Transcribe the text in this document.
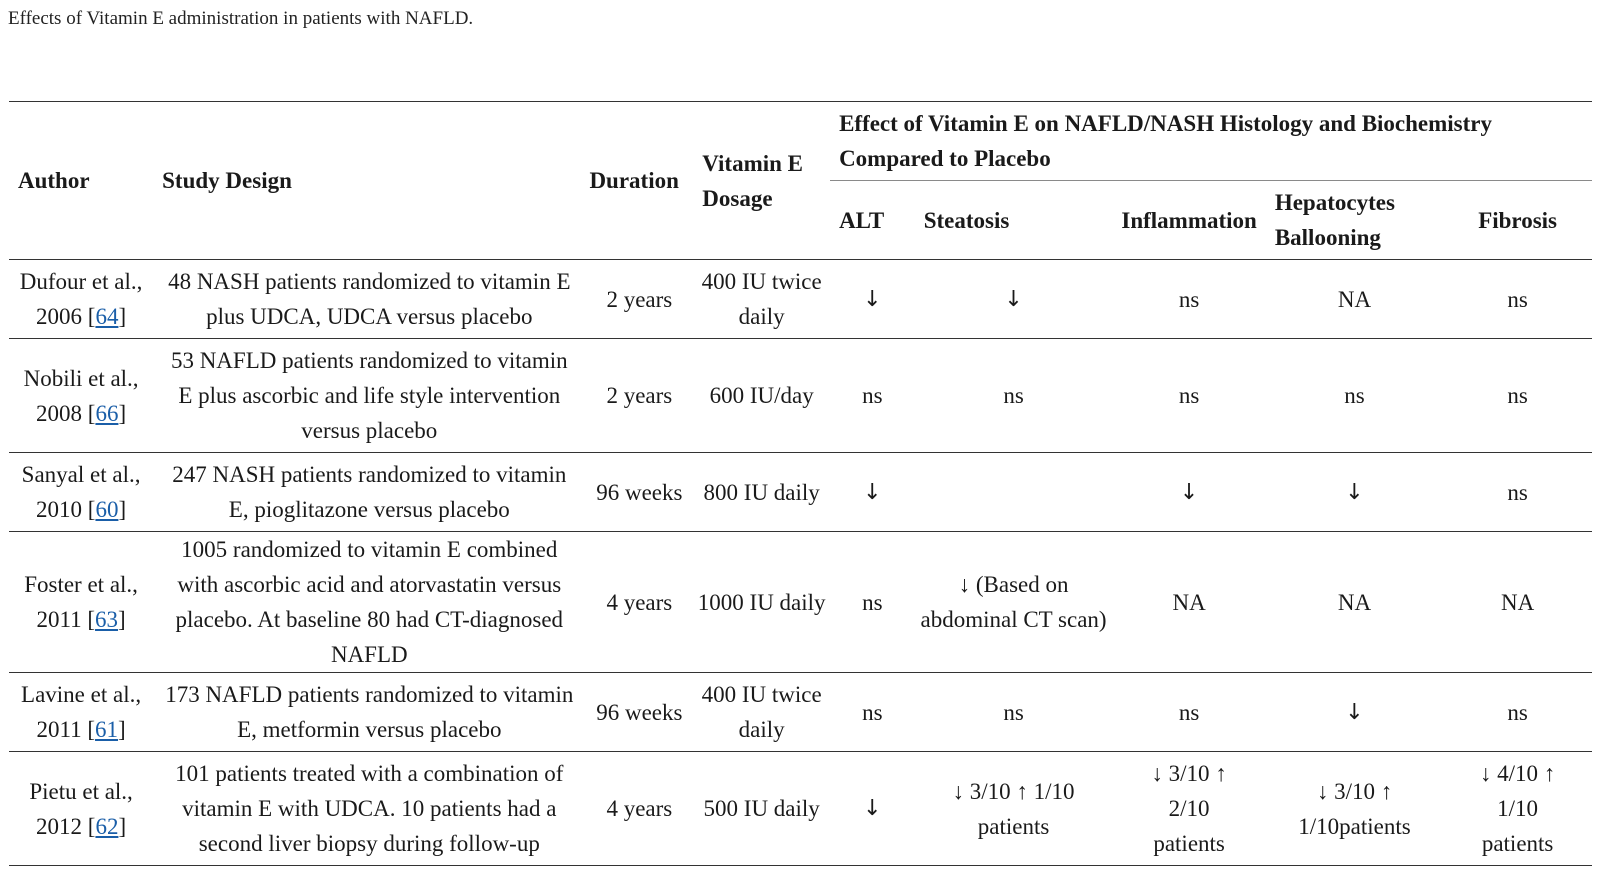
Effects of Vitamin E administration in patients with NAFLD.
Author	Study Design	Duration	Vitamin E Dosage	Effect of Vitamin E on NAFLD/NASH Histology and Biochemistry Compared to Placebo				
				ALT	Steatosis	Inflammation	Hepatocytes Ballooning	Fibrosis
Dufour et al., 2006 [64]	48 NASH patients randomized to vitamin E plus UDCA, UDCA versus placebo	2 years	400 IU twice daily	↓	↓	ns	NA	ns
Nobili et al., 2008 [66]	53 NAFLD patients randomized to vitamin E plus ascorbic and life style intervention versus placebo	2 years	600 IU/day	ns	ns	ns	ns	ns
Sanyal et al., 2010 [60]	247 NASH patients randomized to vitamin E, pioglitazone versus placebo	96 weeks	800 IU daily	↓		↓	↓	ns
Foster et al., 2011 [63]	1005 randomized to vitamin E combined with ascorbic acid and atorvastatin versus placebo. At baseline 80 had CT-diagnosed NAFLD	4 years	1000 IU daily	ns	↓ (Based on abdominal CT scan)	NA	NA	NA
Lavine et al., 2011 [61]	173 NAFLD patients randomized to vitamin E, metformin versus placebo	96 weeks	400 IU twice daily	ns	ns	ns	↓	ns
Pietu et al., 2012 [62]	101 patients treated with a combination of vitamin E with UDCA. 10 patients had a second liver biopsy during follow-up	4 years	500 IU daily	↓	↓ 3/10 ↑ 1/10 patients	↓ 3/10 ↑ 2/10 patients	↓ 3/10 ↑ 1/10patients	↓ 4/10 ↑ 1/10 patients
